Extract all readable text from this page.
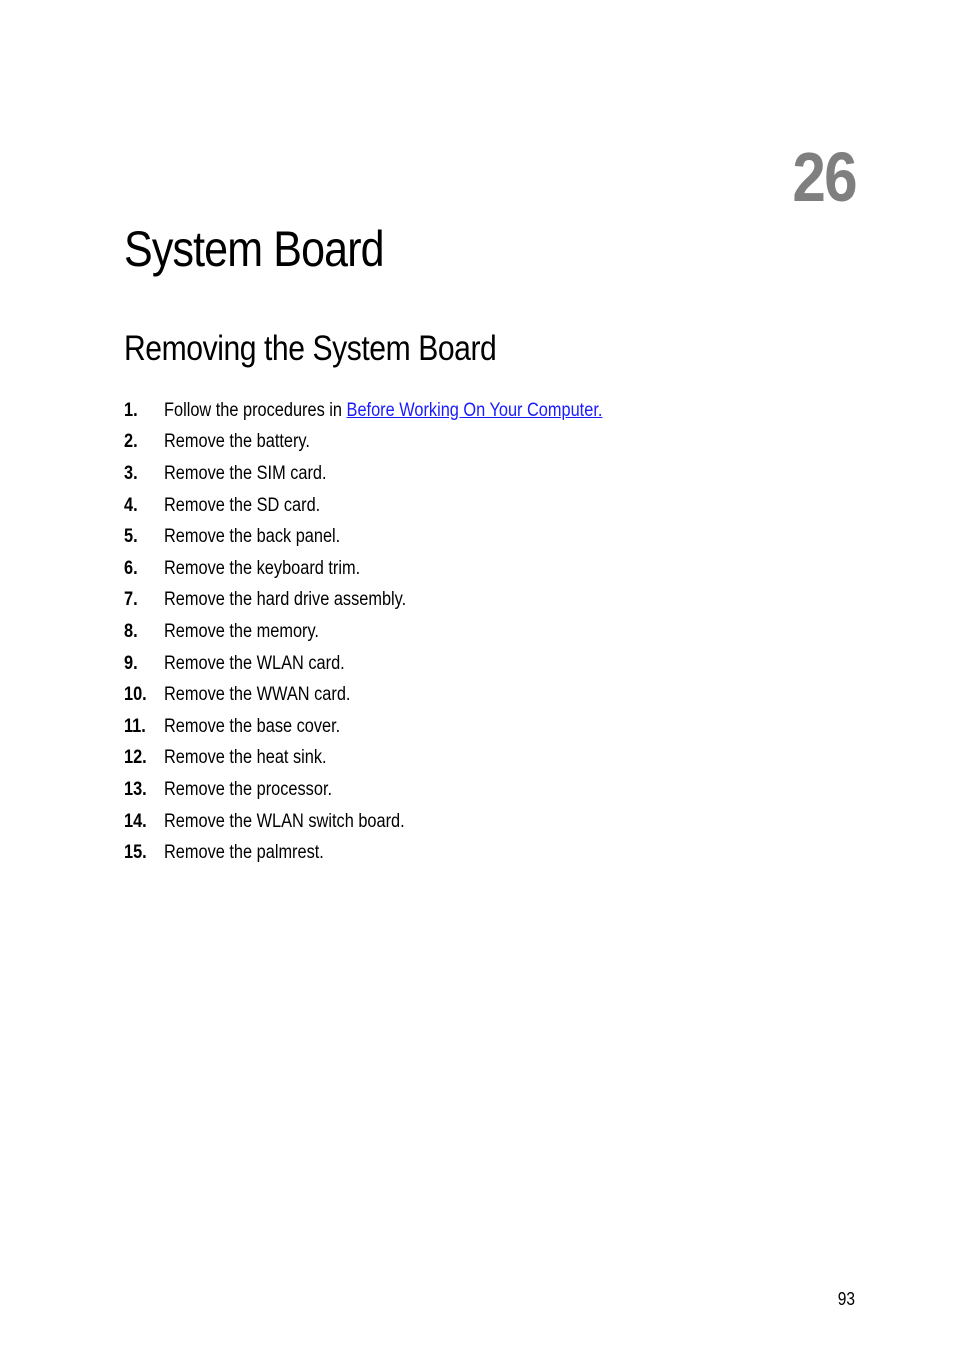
26
System Board
Removing the System Board
1.	Follow the procedures in Before Working On Your Computer.
2.	Remove the battery.
3.	Remove the SIM card.
4.	Remove the SD card.
5.	Remove the back panel.
6.	Remove the keyboard trim.
7.	Remove the hard drive assembly.
8.	Remove the memory.
9.	Remove the WLAN card.
10. Remove the WWAN card.
11. Remove the base cover.
12. Remove the heat sink.
13. Remove the processor.
14. Remove the WLAN switch board.
15. Remove the palmrest.
93
